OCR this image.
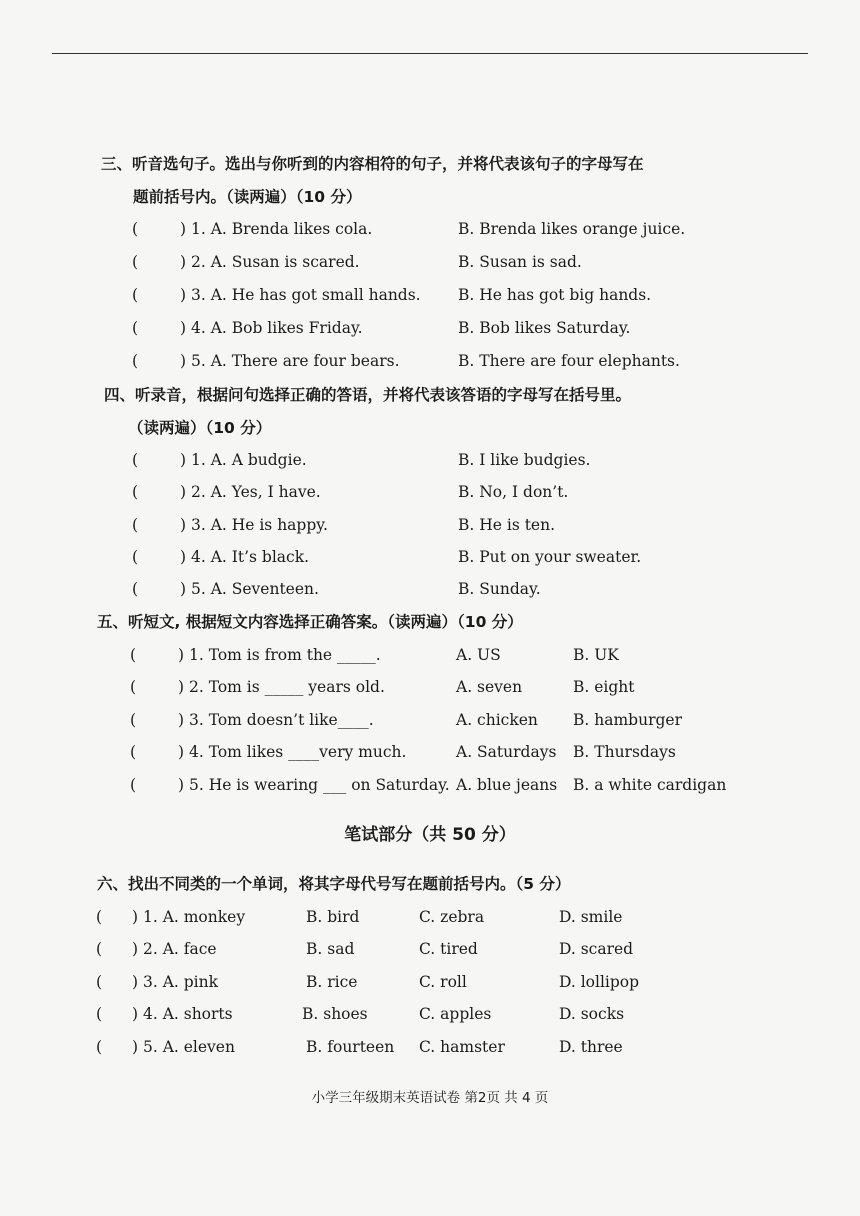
三、听音选句子。选出与你听到的内容相符的句子，并将代表该句子的字母写在
题前括号内。（读两遍）（10 分）
(	) 1. A. Brenda likes cola.	B. Brenda likes orange juice.
(	) 2. A. Susan is scared.	B. Susan is sad.
(	) 3. A. He has got small hands. B. He has got big hands.
(	) 4. A. Bob likes Friday.	B. Bob likes Saturday.
(	) 5. A. There are four bears.	B. There are four elephants.
四、听录音，根据问句选择正确的答语，并将代表该答语的字母写在括号里。
（读两遍）（10 分）
(	) 1. A. A budgie.	B. I like budgies.
(	) 2. A. Yes, I have.	B. No, I don’t.
(	) 3. A. He is happy.	B. He is ten.
(	) 4. A. It’s black.	B. Put on your sweater.
(	) 5. A. Seventeen.	B. Sunday.
五、听短文, 根据短文内容选择正确答案。（读两遍）（10 分）
(	) 1. Tom is from the _____.	A. US	B. UK
(	) 2. Tom is _____ years old.	A. seven	B. eight
(	) 3. Tom doesn’t like____.	A. chicken B. hamburger
(	) 4. Tom likes ____very much.	A. Saturdays B. Thursdays
(	) 5. He is wearing ___ on Saturday. A. blue jeans B. a white cardigan
笔试部分（共 50 分）
六、找出不同类的一个单词，将其字母代号写在题前括号内。（5 分）
( ) 1. A. monkey	B. bird	C. zebra	D. smile
( ) 2. A. face	B. sad	C. tired	D. scared
( ) 3. A. pink	B. rice	C. roll	D. lollipop
( ) 4. A. shorts	B. shoes	C. apples	D. socks
( ) 5. A. eleven	B. fourteen C. hamster	D. three
小学三年级期末英语试卷 第2页 共 4 页
